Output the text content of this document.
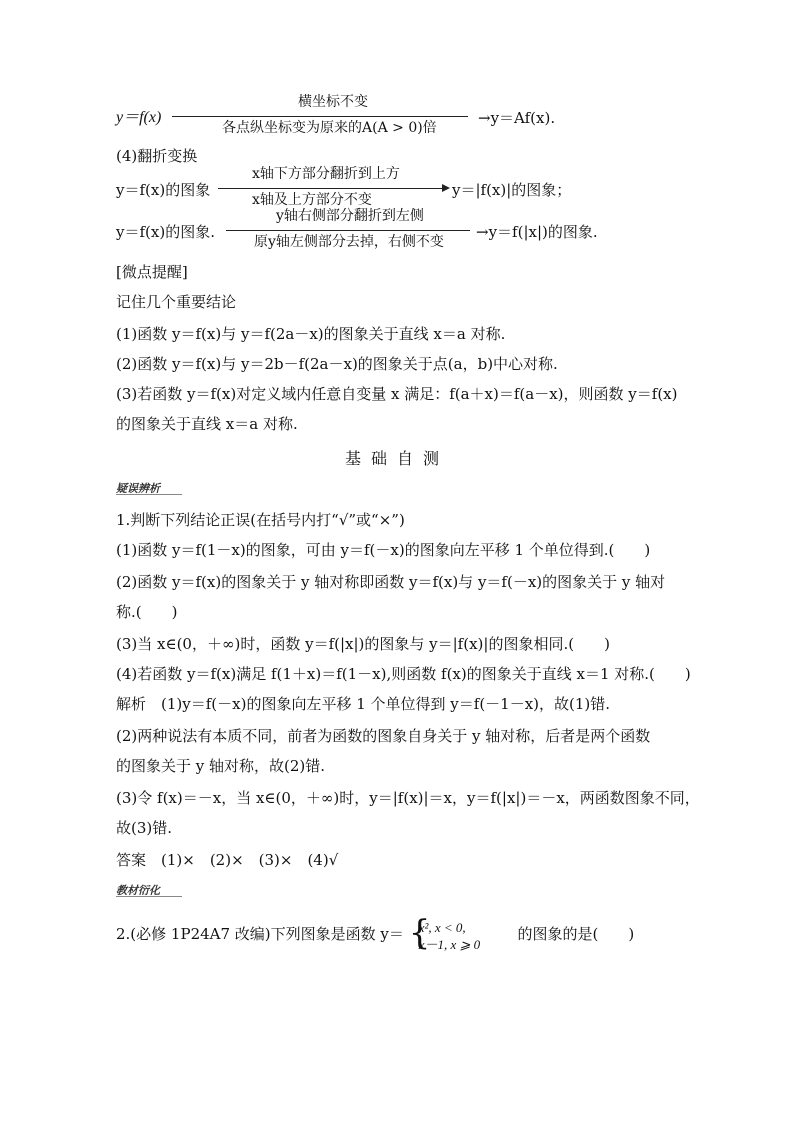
y＝f(x)
横坐标不变
各点纵坐标变为原来的A(A > 0)倍
→y＝Af(x).
(4)翻折变换
y＝f(x)的图象
x轴下方部分翻折到上方
x轴及上方部分不变
y＝|f(x)|的图象；
y＝f(x)的图象.
y轴右侧部分翻折到左侧
原y轴左侧部分去掉，右侧不变
→y＝f(|x|)的图象.
[微点提醒]
记住几个重要结论
(1)函数 y＝f(x)与 y＝f(2a－x)的图象关于直线 x＝a 对称.
(2)函数 y＝f(x)与 y＝2b－f(2a－x)的图象关于点(a，b)中心对称.
(3)若函数 y＝f(x)对定义域内任意自变量 x 满足：f(a＋x)＝f(a－x)，则函数 y＝f(x)
的图象关于直线 x＝a 对称.
基础自测
疑误辨析
1.判断下列结论正误(在括号内打“√”或“×”)
(1)函数 y＝f(1－x)的图象，可由 y＝f(－x)的图象向左平移 1 个单位得到.(　　)
(2)函数 y＝f(x)的图象关于 y 轴对称即函数 y＝f(x)与 y＝f(－x)的图象关于 y 轴对
称.(　　)
(3)当 x∈(0，＋∞)时，函数 y＝f(|x|)的图象与 y＝|f(x)|的图象相同.(　　)
(4)若函数 y＝f(x)满足 f(1＋x)＝f(1－x),则函数 f(x)的图象关于直线 x＝1 对称.(　　)
解析　(1)y＝f(－x)的图象向左平移 1 个单位得到 y＝f(－1－x)，故(1)错.
(2)两种说法有本质不同，前者为函数的图象自身关于 y 轴对称，后者是两个函数
的图象关于 y 轴对称，故(2)错.
(3)令 f(x)＝－x，当 x∈(0，＋∞)时，y＝|f(x)|＝x，y＝f(|x|)＝－x，两函数图象不同，
故(3)错.
答案　(1)×　(2)×　(3)×　(4)√
教材衍化
2.(必修 1P24A7 改编)下列图象是函数 y＝ {
x², x < 0,
x－1, x ⩾ 0
的图象的是(　　)
